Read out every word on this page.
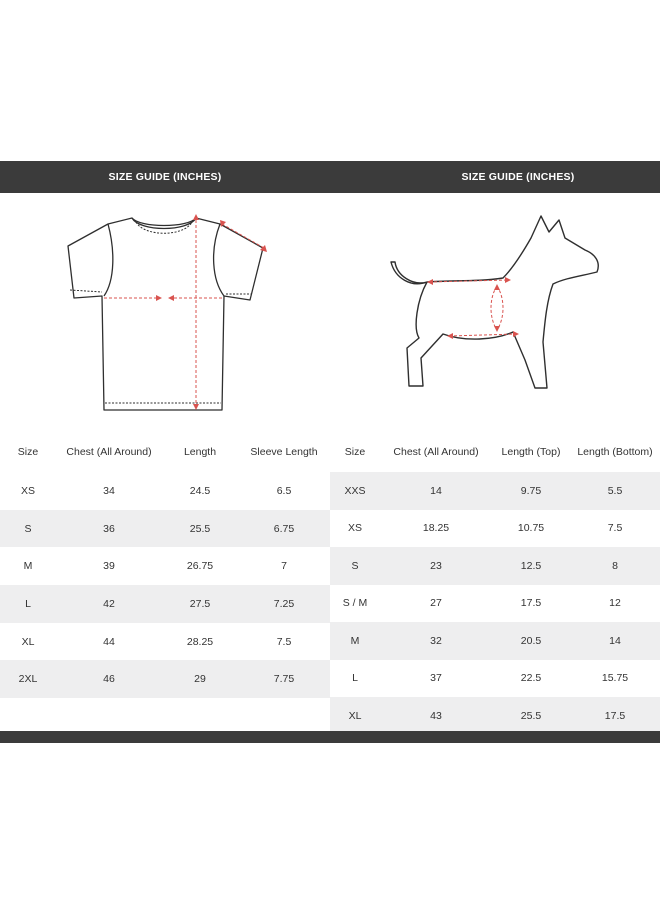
SIZE GUIDE (INCHES)	SIZE GUIDE (INCHES)
Size	Chest (All Around)	Length	Sleeve Length
XS	34	24.5	6.5
S	36	25.5	6.75
M	39	26.75	7
L	42	27.5	7.25
XL	44	28.25	7.5
2XL	46	29	7.75
Size	Chest (All Around)	Length (Top)	Length (Bottom)
XXS	14	9.75	5.5
XS	18.25	10.75	7.5
S	23	12.5	8
S / M	27	17.5	12
M	32	20.5	14
L	37	22.5	15.75
XL	43	25.5	17.5
